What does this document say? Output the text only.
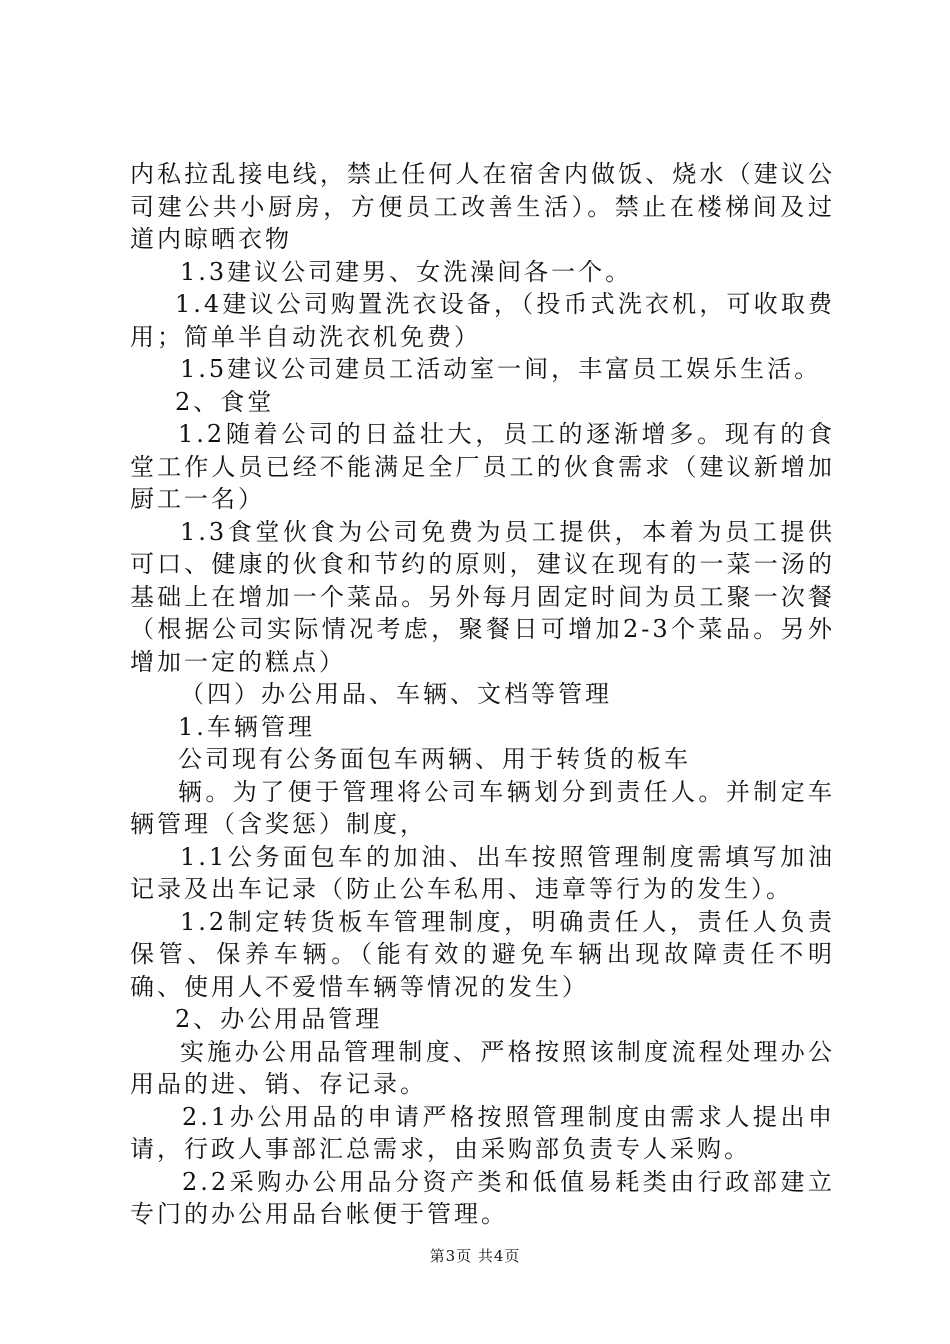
内私拉乱接电线，禁止任何人在宿舍内做饭、烧水（建议公司建公共小厨房，方便员工改善生活）。禁止在楼梯间及过道内晾晒衣物

1.3建议公司建男、女洗澡间各一个。

1.4建议公司购置洗衣设备，（投币式洗衣机，可收取费用；简单半自动洗衣机免费）

1.5建议公司建员工活动室一间，丰富员工娱乐生活。

2、食堂

1.2随着公司的日益壮大，员工的逐渐增多。现有的食堂工作人员已经不能满足全厂员工的伙食需求（建议新增加厨工一名）

1.3食堂伙食为公司免费为员工提供，本着为员工提供可口、健康的伙食和节约的原则，建议在现有的一菜一汤的基础上在增加一个菜品。另外每月固定时间为员工聚一次餐（根据公司实际情况考虑，聚餐日可增加2-3个菜品。另外增加一定的糕点）

（四）办公用品、车辆、文档等管理

1.车辆管理

公司现有公务面包车两辆、用于转货的板车

辆。为了便于管理将公司车辆划分到责任人。并制定车辆管理（含奖惩）制度，

1.1公务面包车的加油、出车按照管理制度需填写加油记录及出车记录（防止公车私用、违章等行为的发生）。

1.2制定转货板车管理制度，明确责任人，责任人负责保管、保养车辆。（能有效的避免车辆出现故障责任不明确、使用人不爱惜车辆等情况的发生）

2、办公用品管理

实施办公用品管理制度、严格按照该制度流程处理办公用品的进、销、存记录。

2.1办公用品的申请严格按照管理制度由需求人提出申请，行政人事部汇总需求，由采购部负责专人采购。

2.2采购办公用品分资产类和低值易耗类由行政部建立专门的办公用品台帐便于管理。

第3页 共4页
